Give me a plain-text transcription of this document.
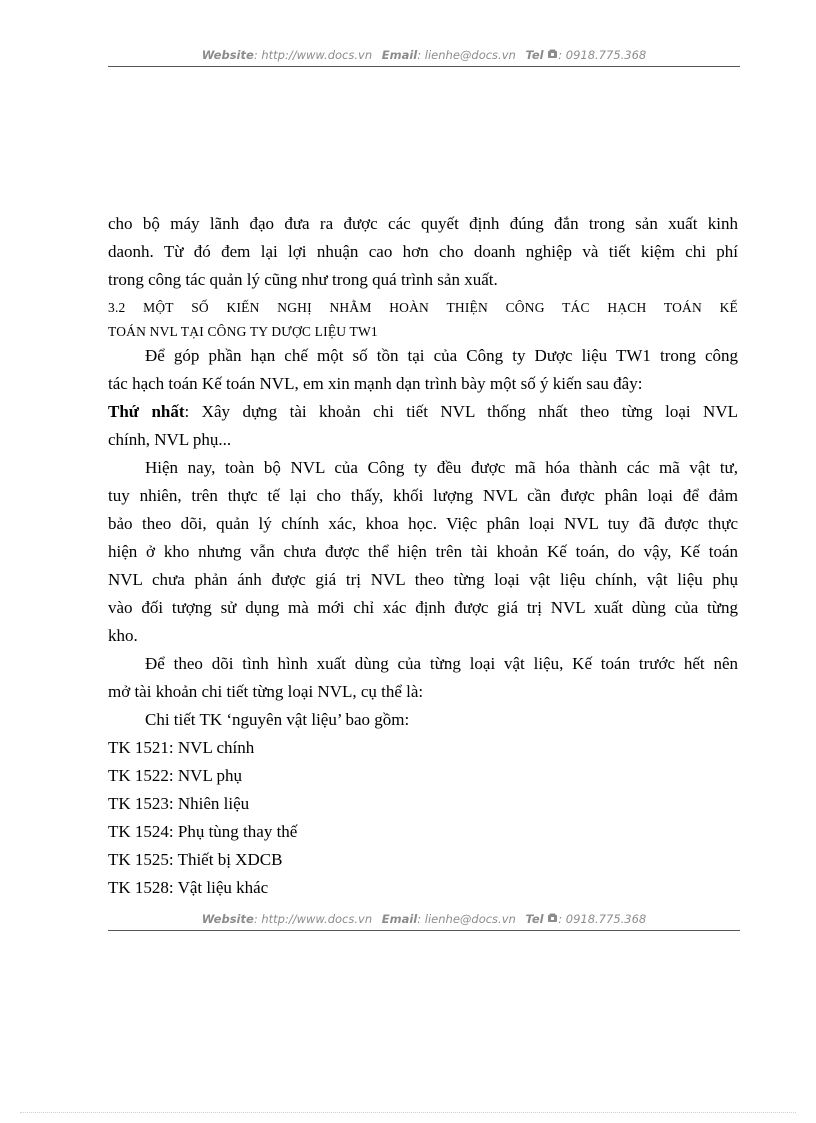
Website: http://www.docs.vn Email: lienhe@docs.vn Tel : 0918.775.368
cho bộ máy lãnh đạo đưa ra được các quyết định đúng đắn trong sản xuất kinh
daonh. Từ đó đem lại lợi nhuận cao hơn cho doanh nghiệp và tiết kiệm chi phí
trong công tác quản lý cũng như trong quá trình sản xuất.
3.2 MỘT SỐ KIẾN NGHỊ NHẰM HOÀN THIỆN CÔNG TÁC HẠCH TOÁN KẾ
TOÁN NVL TẠI CÔNG TY DƯỢC LIỆU TW1
Để góp phần hạn chế một số tồn tại của Công ty Dược liệu TW1 trong công
tác hạch toán Kế toán NVL, em xin mạnh dạn trình bày một số ý kiến sau đây:
Thứ nhất: Xây dựng tài khoản chi tiết NVL thống nhất theo từng loại NVL
chính, NVL phụ...
Hiện nay, toàn bộ NVL của Công ty đều được mã hóa thành các mã vật tư,
tuy nhiên, trên thực tế lại cho thấy, khối lượng NVL cần được phân loại để đảm
bảo theo dõi, quản lý chính xác, khoa học. Việc phân loại NVL tuy đã được thực
hiện ở kho nhưng vẫn chưa được thể hiện trên tài khoản Kế toán, do vậy, Kế toán
NVL chưa phản ánh được giá trị NVL theo từng loại vật liệu chính, vật liệu phụ
vào đối tượng sử dụng mà mới chỉ xác định được giá trị NVL xuất dùng của từng
kho.
Để theo dõi tình hình xuất dùng của từng loại vật liệu, Kế toán trước hết nên
mở tài khoản chi tiết từng loại NVL, cụ thể là:
Chi tiết TK ‘nguyên vật liệu’ bao gồm:
TK 1521: NVL chính
TK 1522: NVL phụ
TK 1523: Nhiên liệu
TK 1524: Phụ tùng thay thế
TK 1525: Thiết bị XDCB
TK 1528: Vật liệu khác
Website: http://www.docs.vn Email: lienhe@docs.vn Tel : 0918.775.368
